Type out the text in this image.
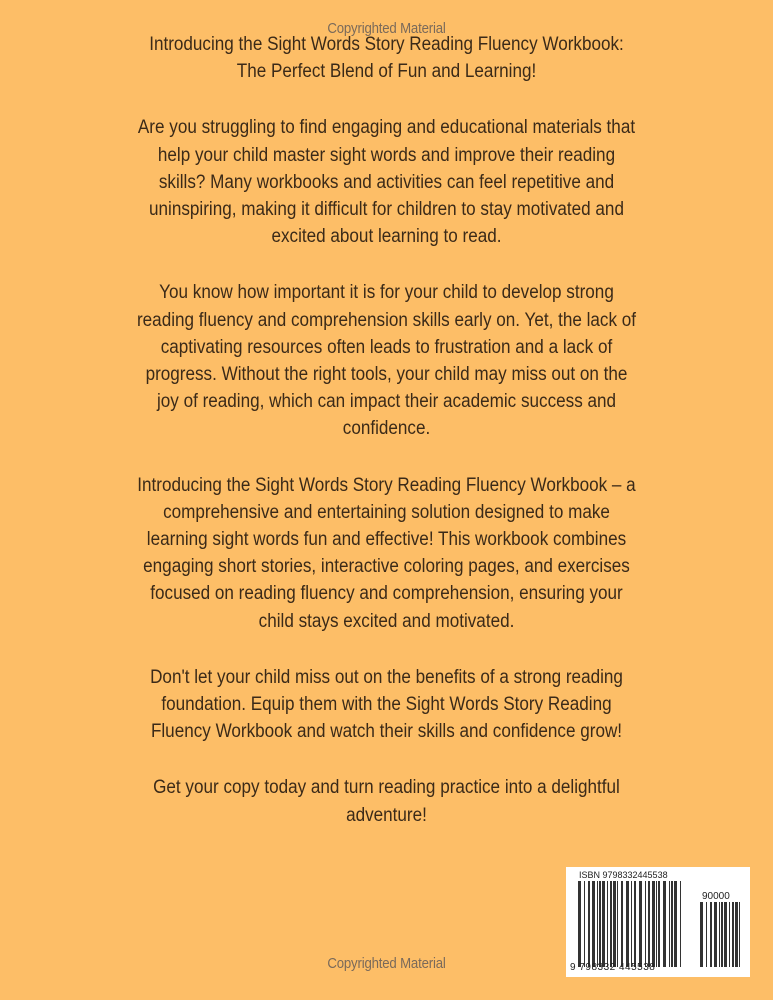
Copyrighted Material
Introducing the Sight Words Story Reading Fluency Workbook:
The Perfect Blend of Fun and Learning!
Are you struggling to find engaging and educational materials that
help your child master sight words and improve their reading
skills? Many workbooks and activities can feel repetitive and
uninspiring, making it difficult for children to stay motivated and
excited about learning to read.
You know how important it is for your child to develop strong
reading fluency and comprehension skills early on. Yet, the lack of
captivating resources often leads to frustration and a lack of
progress. Without the right tools, your child may miss out on the
joy of reading, which can impact their academic success and
confidence.
Introducing the Sight Words Story Reading Fluency Workbook – a
comprehensive and entertaining solution designed to make
learning sight words fun and effective! This workbook combines
engaging short stories, interactive coloring pages, and exercises
focused on reading fluency and comprehension, ensuring your
child stays excited and motivated.
Don't let your child miss out on the benefits of a strong reading
foundation. Equip them with the Sight Words Story Reading
Fluency Workbook and watch their skills and confidence grow!
Get your copy today and turn reading practice into a delightful
adventure!
Copyrighted Material
ISBN 9798332445538
90000
9 798332 445538
